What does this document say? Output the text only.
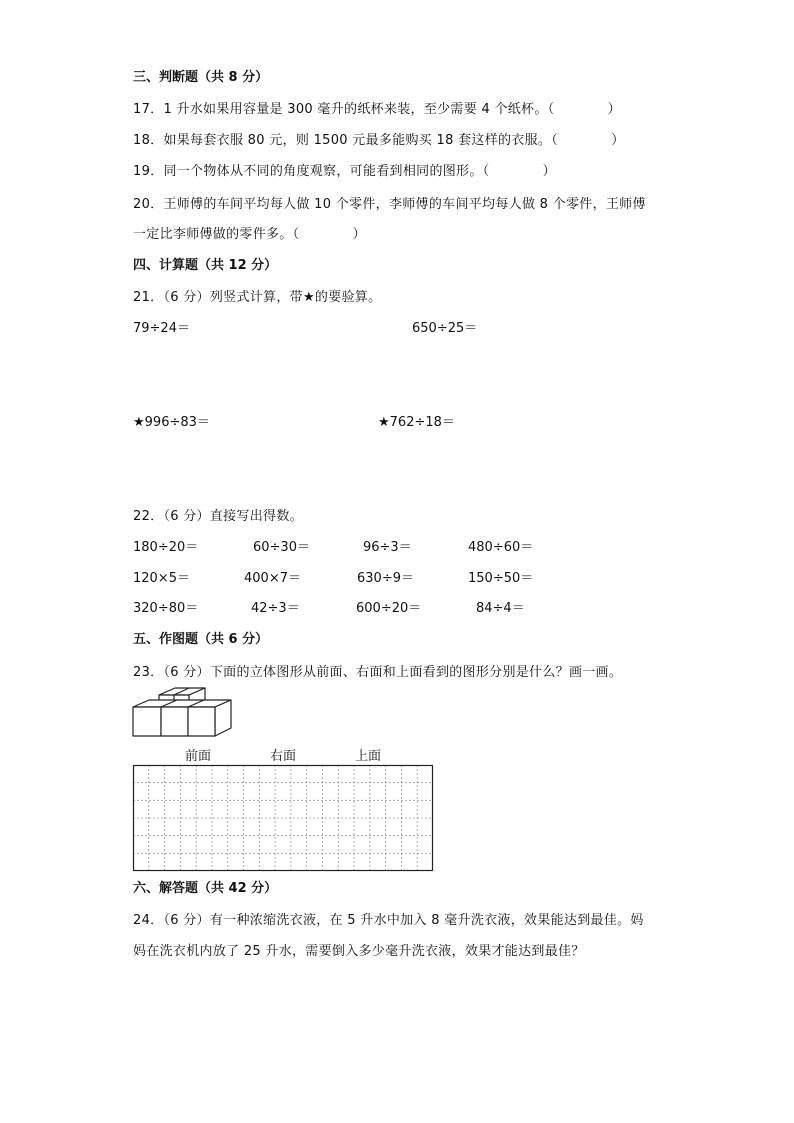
三、判断题（共 8 分）
17．1 升水如果用容量是 300 毫升的纸杯来装，至少需要 4 个纸杯。（　　　　）
18．如果每套衣服 80 元，则 1500 元最多能购买 18 套这样的衣服。（　　　　）
19．同一个物体从不同的角度观察，可能看到相同的图形。（　　　　）
20．王师傅的车间平均每人做 10 个零件，李师傅的车间平均每人做 8 个零件，王师傅
一定比李师傅做的零件多。（　　　　）
四、计算题（共 12 分）
21．（6 分）列竖式计算，带★的要验算。
79÷24＝	650÷25＝
★996÷83＝	★762÷18＝
22．（6 分）直接写出得数。
180÷20＝	60÷30＝	96÷3＝	480÷60＝
120×5＝	400×7＝	630÷9＝	150÷50＝
320÷80＝	42÷3＝	600÷20＝	84÷4＝
五、作图题（共 6 分）
23．（6 分）下面的立体图形从前面、右面和上面看到的图形分别是什么？画一画。
前面	右面	上面
六、解答题（共 42 分）
24．（6 分）有一种浓缩洗衣液，在 5 升水中加入 8 毫升洗衣液，效果能达到最佳。妈
妈在洗衣机内放了 25 升水，需要倒入多少毫升洗衣液，效果才能达到最佳？
